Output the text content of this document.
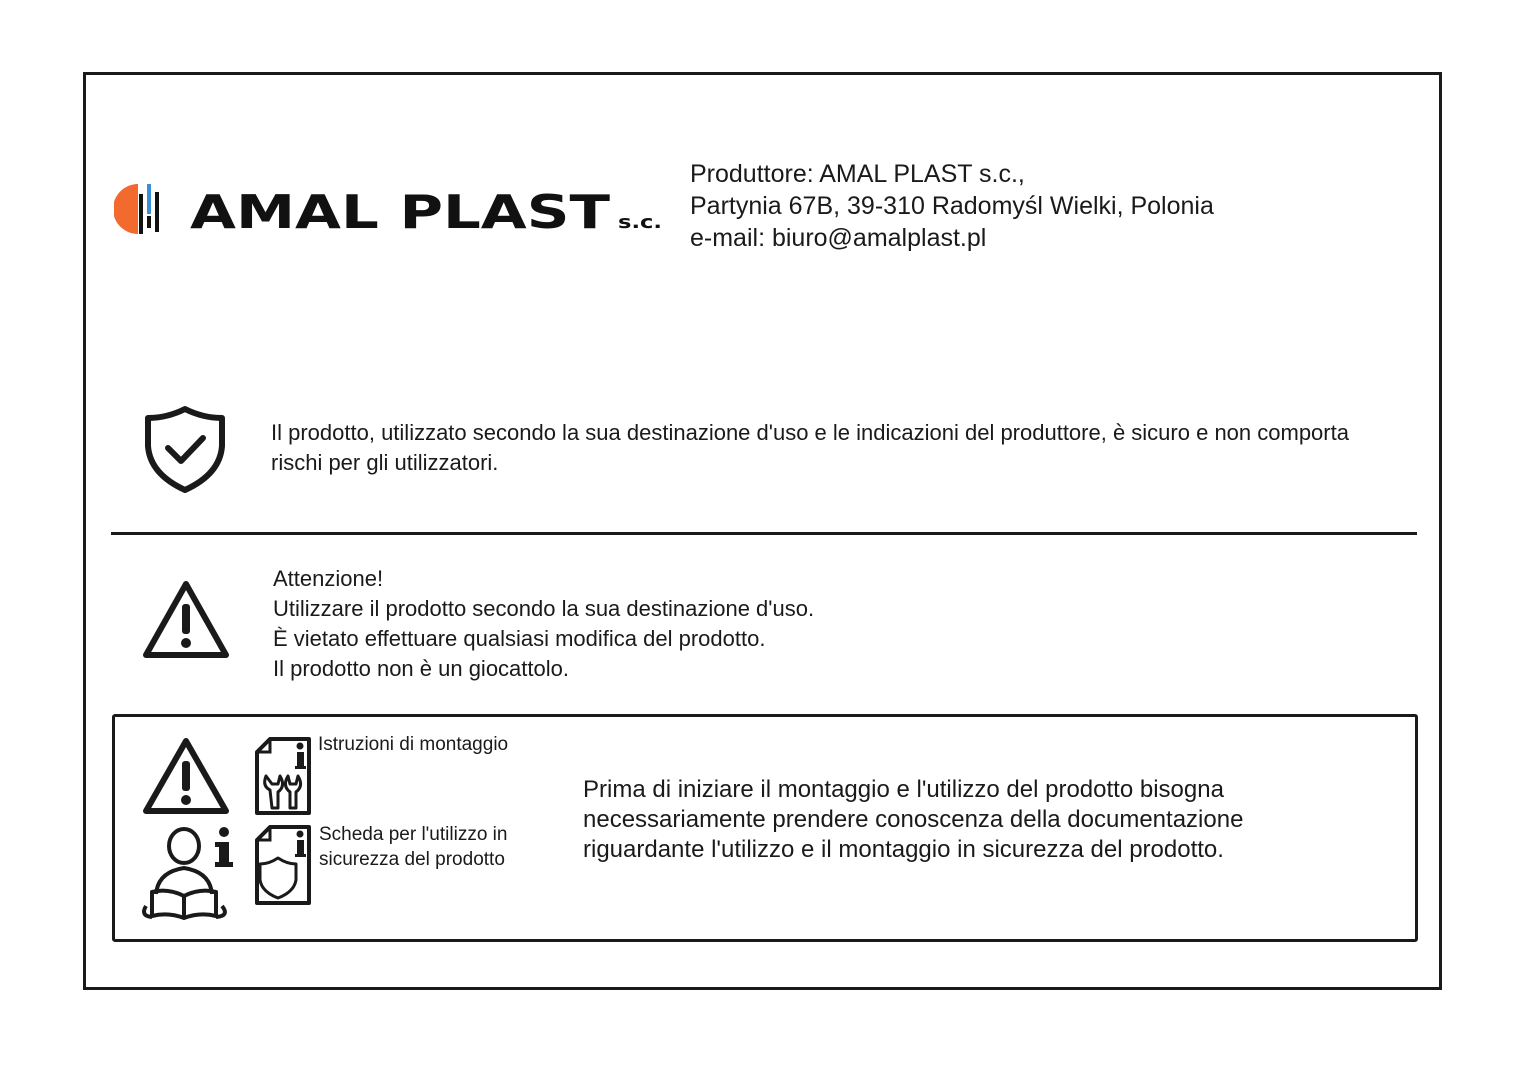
AMAL PLAST s.c.
Produttore: AMAL PLAST s.c.,
Partynia 67B, 39-310 Radomyśl Wielki, Polonia
e-mail: biuro@amalplast.pl
Il prodotto, utilizzato secondo la sua destinazione d'uso e le indicazioni del produttore, è sicuro e non comporta rischi per gli utilizzatori.
Attenzione!
Utilizzare il prodotto secondo la sua destinazione d'uso.
È vietato effettuare qualsiasi modifica del prodotto.
Il prodotto non è un giocattolo.
Istruzioni di montaggio
Scheda per l'utilizzo in sicurezza del prodotto
Prima di iniziare il montaggio e l'utilizzo del prodotto bisogna necessariamente prendere conoscenza della documentazione riguardante l'utilizzo e il montaggio in sicurezza del prodotto.
